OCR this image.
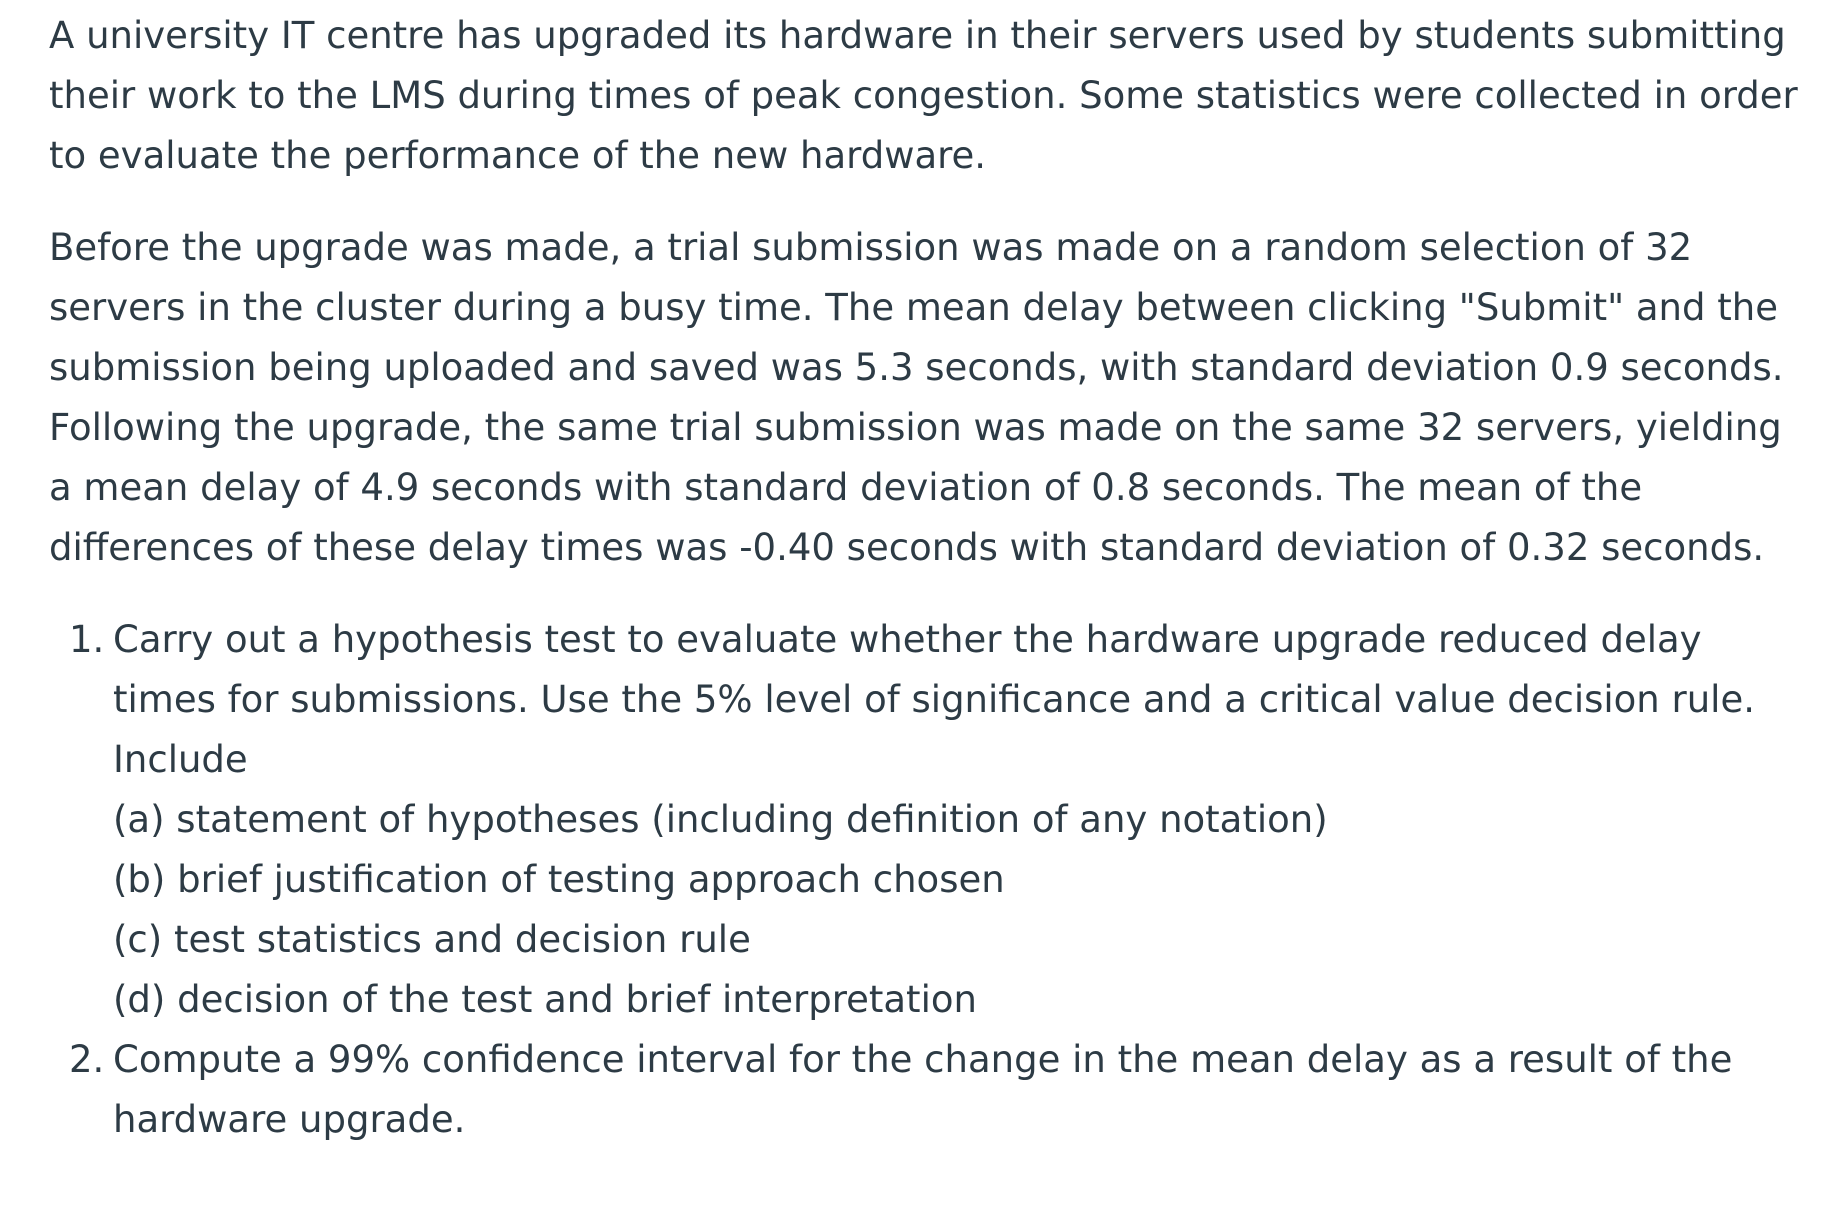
A university IT centre has upgraded its hardware in their servers used by students submitting their work to the LMS during times of peak congestion. Some statistics were collected in order to evaluate the performance of the new hardware.

Before the upgrade was made, a trial submission was made on a random selection of 32 servers in the cluster during a busy time. The mean delay between clicking "Submit" and the submission being uploaded and saved was 5.3 seconds, with standard deviation 0.9 seconds. Following the upgrade, the same trial submission was made on the same 32 servers, yielding a mean delay of 4.9 seconds with standard deviation of 0.8 seconds. The mean of the differences of these delay times was -0.40 seconds with standard deviation of 0.32 seconds.

1. Carry out a hypothesis test to evaluate whether the hardware upgrade reduced delay times for submissions. Use the 5% level of significance and a critical value decision rule.
Include
(a) statement of hypotheses (including definition of any notation)
(b) brief justification of testing approach chosen
(c) test statistics and decision rule
(d) decision of the test and brief interpretation
2. Compute a 99% confidence interval for the change in the mean delay as a result of the hardware upgrade.
